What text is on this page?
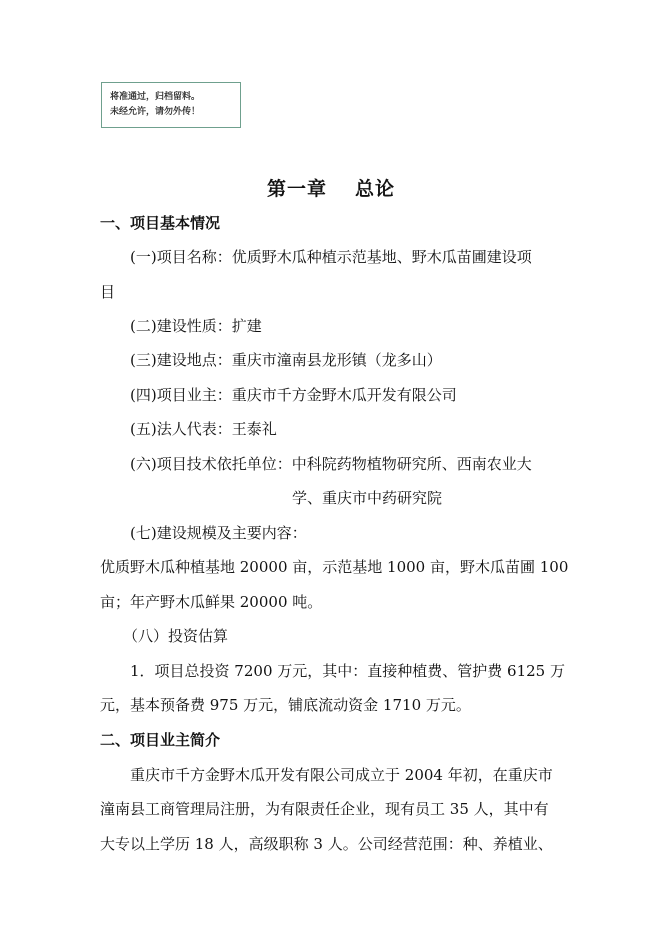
将准通过，归档留料。
未经允许，请勿外传！
第一章 总论
一、项目基本情况
(一)项目名称：优质野木瓜种植示范基地、野木瓜苗圃建设项
目
(二)建设性质：扩建
(三)建设地点：重庆市潼南县龙形镇（龙多山）
(四)项目业主：重庆市千方金野木瓜开发有限公司
(五)法人代表：王泰礼
(六)项目技术依托单位：中科院药物植物研究所、西南农业大
学、重庆市中药研究院
(七)建设规模及主要内容：
优质野木瓜种植基地 20000 亩，示范基地 1000 亩，野木瓜苗圃 100
亩；年产野木瓜鲜果 20000 吨。
（八）投资估算
1．项目总投资 7200 万元，其中：直接种植费、管护费 6125 万
元，基本预备费 975 万元，铺底流动资金 1710 万元。
二、项目业主简介
重庆市千方金野木瓜开发有限公司成立于 2004 年初，在重庆市
潼南县工商管理局注册，为有限责任企业，现有员工 35 人，其中有
大专以上学历 18 人，高级职称 3 人。公司经营范围：种、养植业、
